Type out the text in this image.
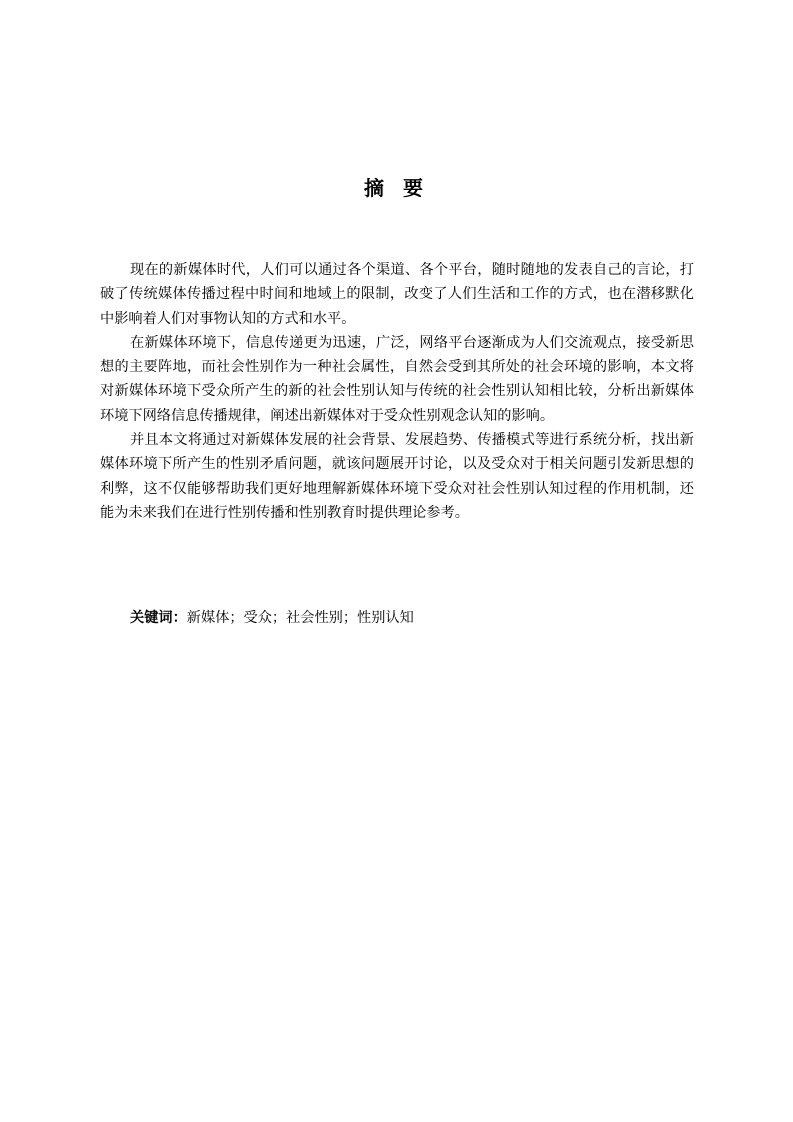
摘 要

现在的新媒体时代，人们可以通过各个渠道、各个平台，随时随地的发表自己的言论，打破了传统媒体传播过程中时间和地域上的限制，改变了人们生活和工作的方式，也在潜移默化中影响着人们对事物认知的方式和水平。

在新媒体环境下，信息传递更为迅速，广泛，网络平台逐渐成为人们交流观点，接受新思想的主要阵地，而社会性别作为一种社会属性，自然会受到其所处的社会环境的影响，本文将对新媒体环境下受众所产生的新的社会性别认知与传统的社会性别认知相比较，分析出新媒体环境下网络信息传播规律，阐述出新媒体对于受众性别观念认知的影响。

并且本文将通过对新媒体发展的社会背景、发展趋势、传播模式等进行系统分析，找出新媒体环境下所产生的性别矛盾问题，就该问题展开讨论，以及受众对于相关问题引发新思想的利弊，这不仅能够帮助我们更好地理解新媒体环境下受众对社会性别认知过程的作用机制，还能为未来我们在进行性别传播和性别教育时提供理论参考。

关键词：新媒体；受众；社会性别；性别认知
